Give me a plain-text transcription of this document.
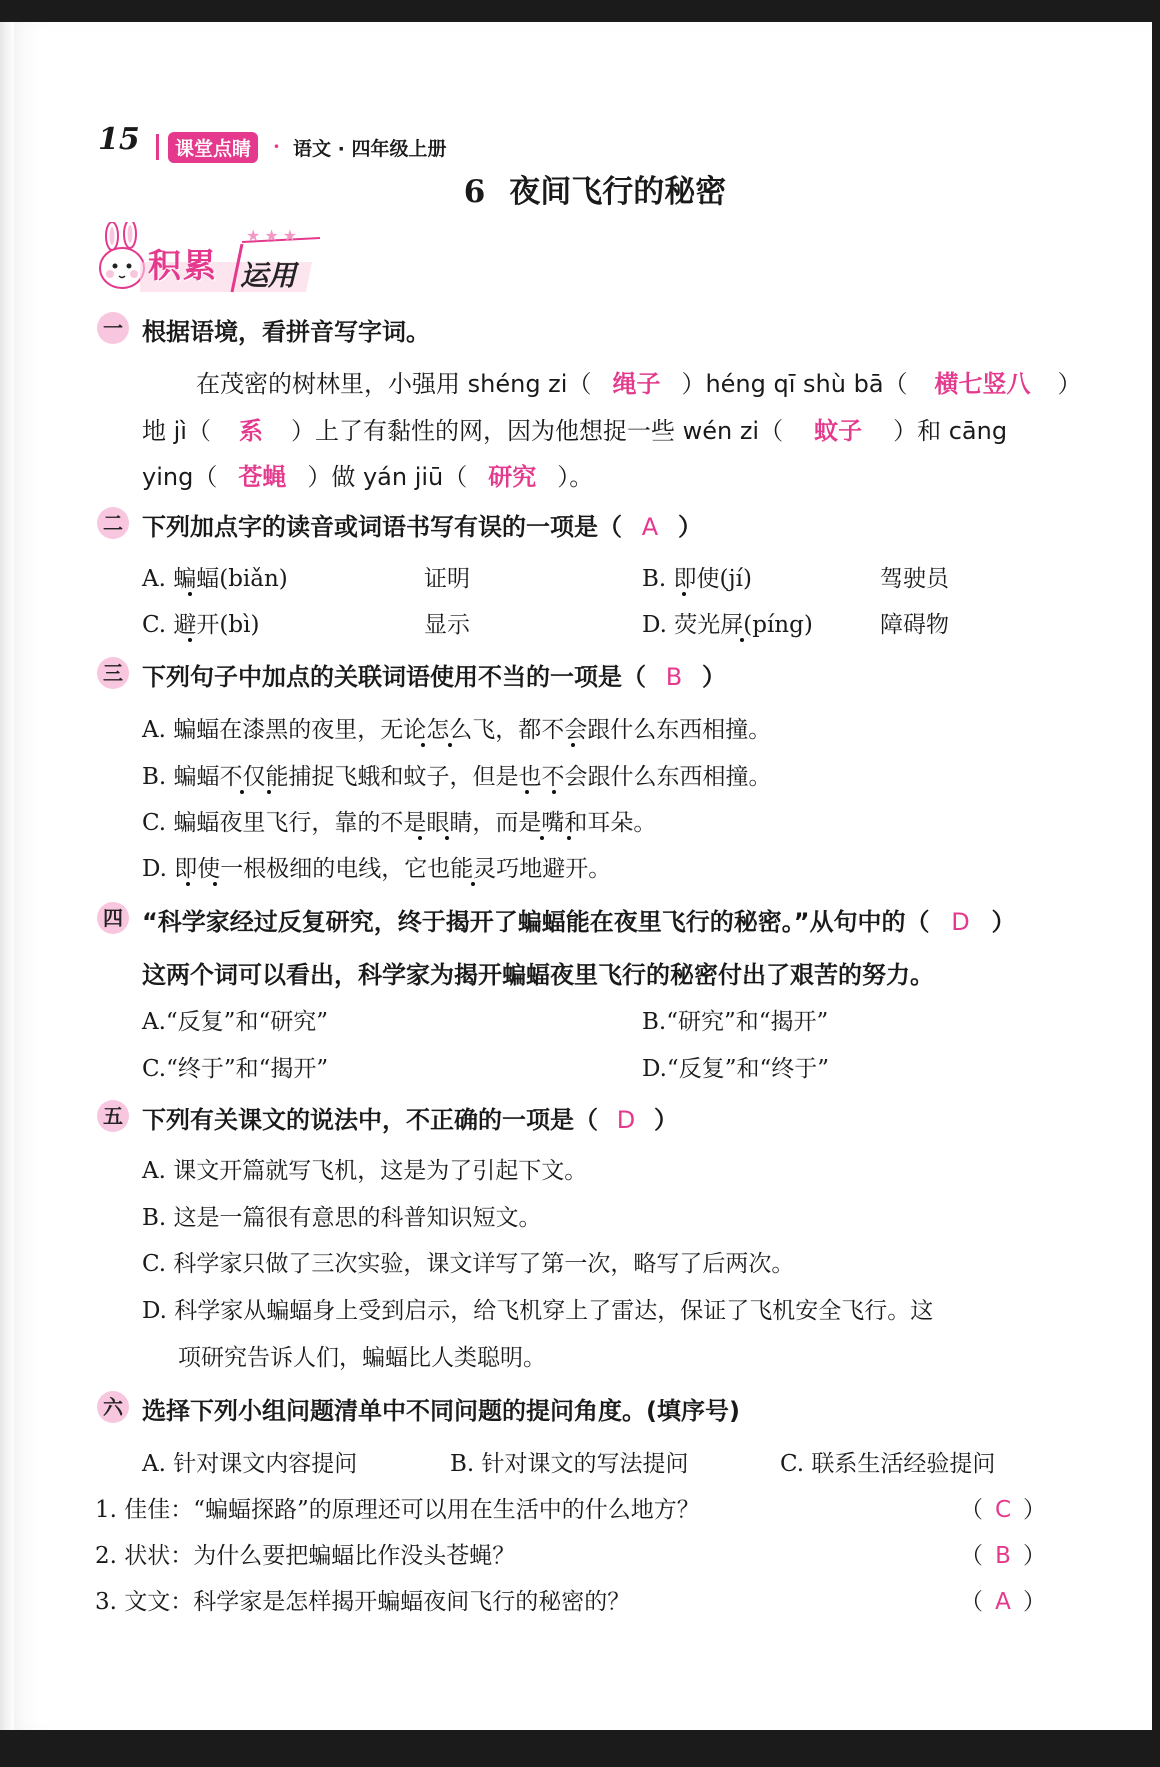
15	课堂点睛	· 语文 · 四年级上册
6 夜间飞行的秘密
★★★
积累 运用
一 根据语境，看拼音写字词。
在茂密的树林里，小强用 shéng zi（ 绳子 ）héng qī shù bā（ 横七竖八 ）
地 jì（ 系 ）上了有黏性的网，因为他想捉一些 wén zi（ 蚊子 ）和 cāng
ying（ 苍蝇 ）做 yán jiū（ 研究 ）。
二 下列加点字的读音或词语书写有误的一项是（ A ）
A. 蝙蝠(biǎn)	证明	B. 即使(jí)	驾驶员
C. 避开(bì)	显示	D. 荧光屏(píng)	障碍物
三 下列句子中加点的关联词语使用不当的一项是（ B ）
A. 蝙蝠在漆黑的夜里，无论怎么飞，都不会跟什么东西相撞。
B. 蝙蝠不仅能捕捉飞蛾和蚊子，但是也不会跟什么东西相撞。
C. 蝙蝠夜里飞行，靠的不是眼睛，而是嘴和耳朵。
D. 即使一根极细的电线，它也能灵巧地避开。
四 “科学家经过反复研究，终于揭开了蝙蝠能在夜里飞行的秘密。”从句中的（ D ）
这两个词可以看出，科学家为揭开蝙蝠夜里飞行的秘密付出了艰苦的努力。
A.“反复”和“研究”	B.“研究”和“揭开”
C.“终于”和“揭开”	D.“反复”和“终于”
五 下列有关课文的说法中，不正确的一项是（ D ）
A. 课文开篇就写飞机，这是为了引起下文。
B. 这是一篇很有意思的科普知识短文。
C. 科学家只做了三次实验，课文详写了第一次，略写了后两次。
D. 科学家从蝙蝠身上受到启示，给飞机穿上了雷达，保证了飞机安全飞行。这
项研究告诉人们，蝙蝠比人类聪明。
六 选择下列小组问题清单中不同问题的提问角度。(填序号)
A. 针对课文内容提问	B. 针对课文的写法提问	C. 联系生活经验提问
1. 佳佳：“蝙蝠探路”的原理还可以用在生活中的什么地方？	（ C ）
2. 状状：为什么要把蝙蝠比作没头苍蝇？	（ B ）
3. 文文：科学家是怎样揭开蝙蝠夜间飞行的秘密的？	（ A ）
